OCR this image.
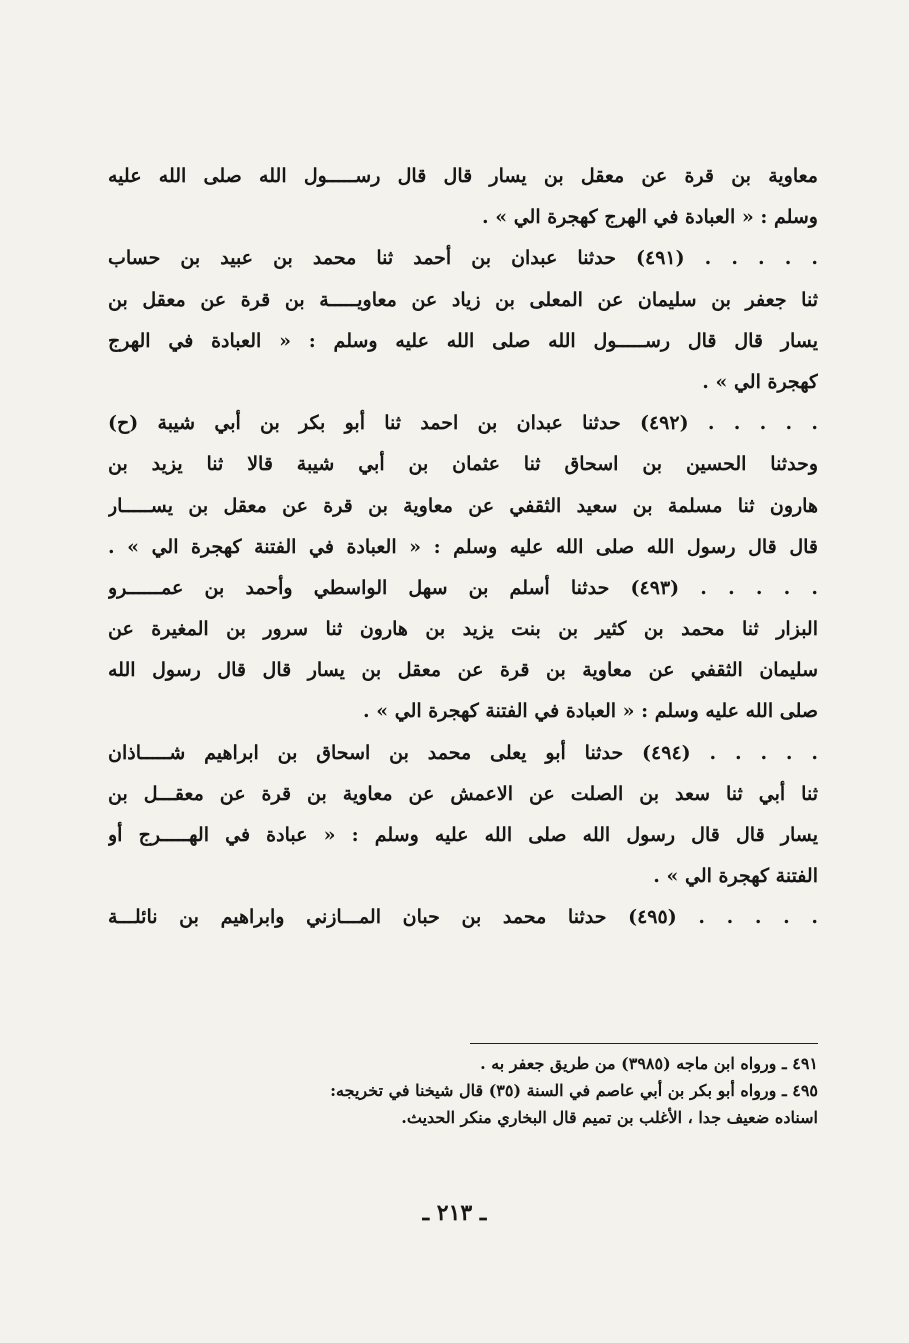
معاوية بن قرة عن معقل بن يسار قال قال رســـــول الله صلى الله عليه
وسلم : « العبادة في الهرج كهجرة الي » .
. . . . . (٤٩١) حدثنا عبدان بن أحمد ثنا محمد بن عبيد بن حساب
ثنا جعفر بن سليمان عن المعلى بن زياد عن معاويـــــة بن قرة عن معقل بن
يسار قال قال رســـــول الله صلى الله عليه وسلم : « العبادة في الهرج
كهجرة الي » .
. . . . . (٤٩٢) حدثنا عبدان بن احمد ثنا أبو بكر بن أبي شيبة (ح)
وحدثنا الحسين بن اسحاق ثنا عثمان بن أبي شيبة قالا ثنا يزيد بن
هارون ثنا مسلمة بن سعيد الثقفي عن معاوية بن قرة عن معقل بن يســـــار
قال قال رسول الله صلى الله عليه وسلم : « العبادة في الفتنة كهجرة الي » .
. . . . . (٤٩٣) حدثنا أسلم بن سهل الواسطي وأحمد بن عمــــــرو
البزار ثنا محمد بن كثير بن بنت يزيد بن هارون ثنا سرور بن المغيرة عن
سليمان الثقفي عن معاوية بن قرة عن معقل بن يسار قال قال رسول الله
صلى الله عليه وسلم : « العبادة في الفتنة كهجرة الي » .
. . . . . (٤٩٤) حدثنا أبو يعلى محمد بن اسحاق بن ابراهيم شـــــاذان
ثنا أبي ثنا سعد بن الصلت عن الاعمش عن معاوية بن قرة عن معقـــل بن
يسار قال قال رسول الله صلى الله عليه وسلم : « عبادة في الهـــــرج أو
الفتنة كهجرة الي » .
. . . . . (٤٩٥) حدثنا محمد بن حبان المـــازني وابراهيم بن نائلـــة
٤٩١ ـ ورواه ابن ماجه (٣٩٨٥) من طريق جعفر به .
٤٩٥ ـ ورواه أبو بكر بن أبي عاصم في السنة (٣٥) قال شيخنا في تخريجه:
اسناده ضعيف جدا ، الأغلب بن تميم قال البخاري منكر الحديث.
ـ ٢١٣ ـ
